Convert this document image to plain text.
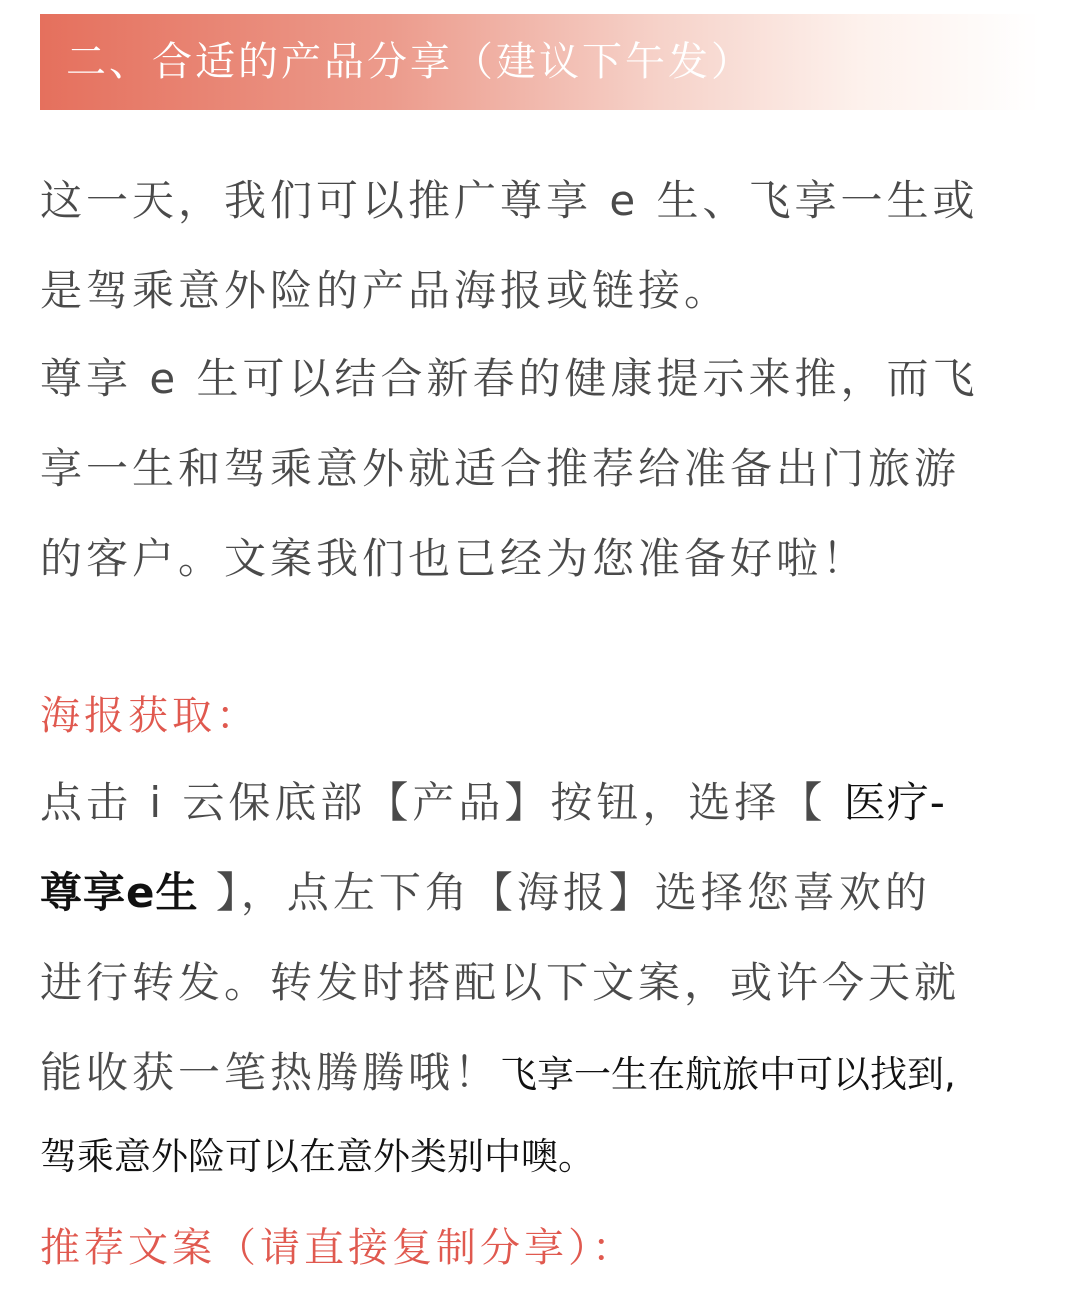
二、合适的产品分享（建议下午发）
这一天，我们可以推广尊享 e 生、飞享一生或
是驾乘意外险的产品海报或链接。
尊享 e 生可以结合新春的健康提示来推，而飞
享一生和驾乘意外就适合推荐给准备出门旅游
的客户。文案我们也已经为您准备好啦！
海报获取：
点击 i 云保底部【产品】按钮，选择【 医疗-
尊享e生 】，点左下角【海报】选择您喜欢的
进行转发。转发时搭配以下文案，或许今天就
能收获一笔热腾腾哦！飞享一生在航旅中可以找到,
驾乘意外险可以在意外类别中噢。
推荐文案（请直接复制分享）：
